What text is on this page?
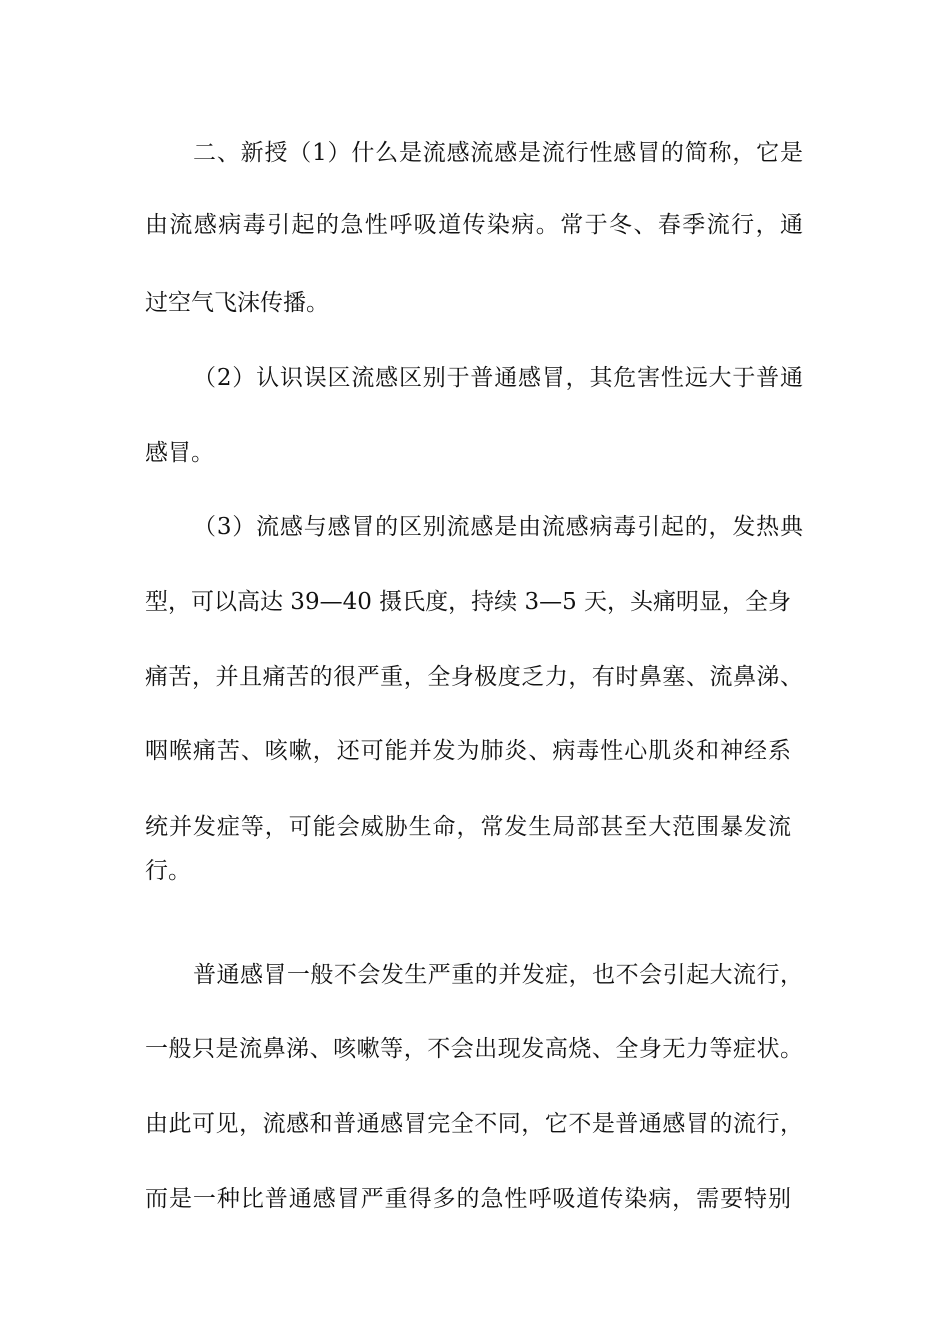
二、新授（1）什么是流感流感是流行性感冒的简称，它是
由流感病毒引起的急性呼吸道传染病。常于冬、春季流行，通
过空气飞沫传播。
（2）认识误区流感区别于普通感冒，其危害性远大于普通
感冒。
（3）流感与感冒的区别流感是由流感病毒引起的，发热典
型，可以高达 39—40 摄氏度，持续 3—5 天，头痛明显，全身
痛苦，并且痛苦的很严重，全身极度乏力，有时鼻塞、流鼻涕、
咽喉痛苦、咳嗽，还可能并发为肺炎、病毒性心肌炎和神经系
统并发症等，可能会威胁生命，常发生局部甚至大范围暴发流
行。
普通感冒一般不会发生严重的并发症，也不会引起大流行，
一般只是流鼻涕、咳嗽等，不会出现发高烧、全身无力等症状。
由此可见，流感和普通感冒完全不同，它不是普通感冒的流行，
而是一种比普通感冒严重得多的急性呼吸道传染病，需要特别
